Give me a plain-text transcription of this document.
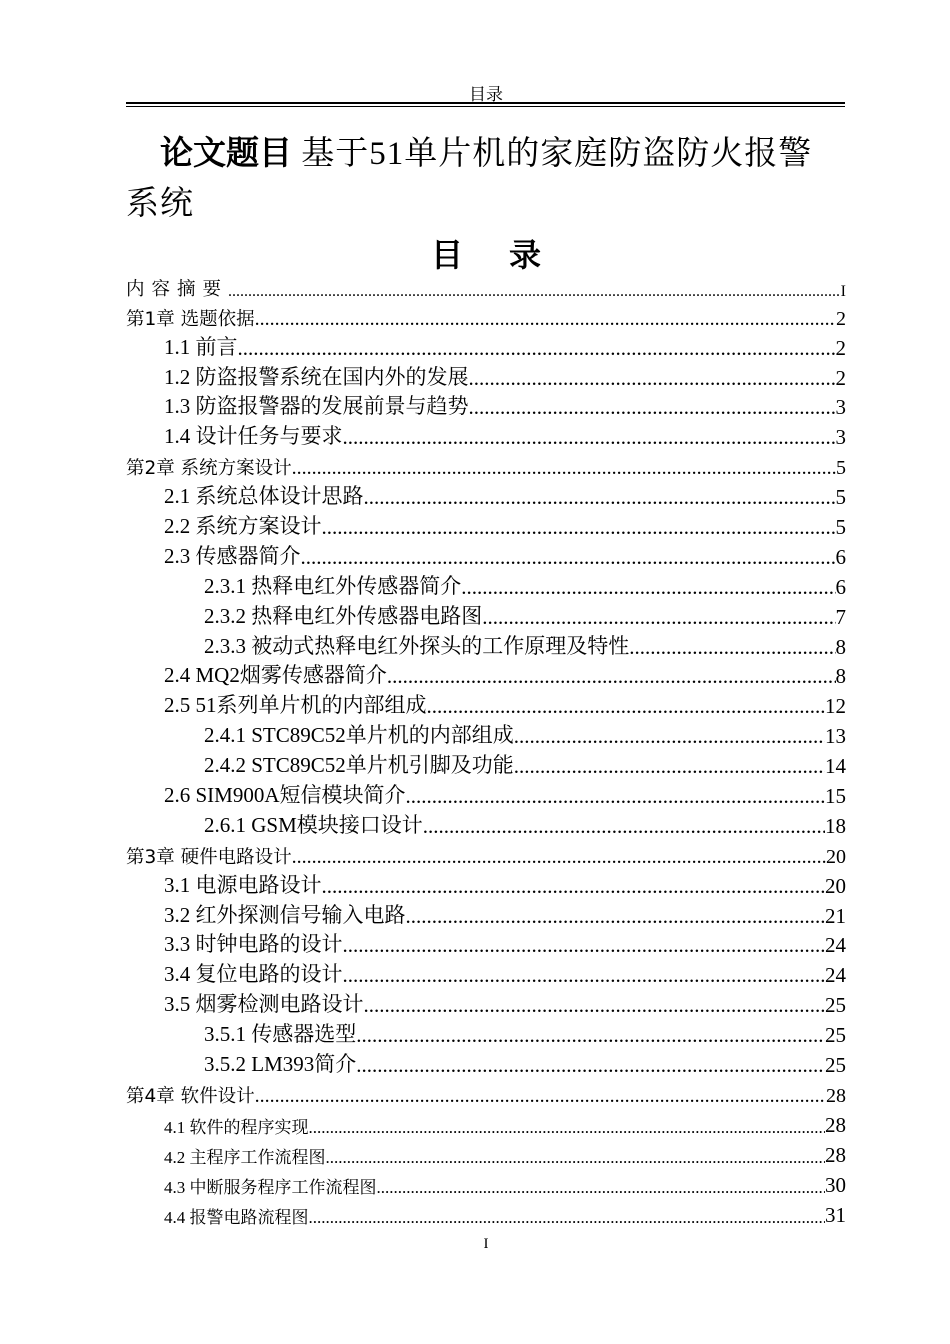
目录
论文题目 基于51单片机的家庭防盗防火报警系统
目录
内容摘要 .....	I
第1章 选题依据 .....	2
1.1 前言 .....	2
1.2 防盗报警系统在国内外的发展 .....	2
1.3 防盗报警器的发展前景与趋势 .....	3
1.4 设计任务与要求 .....	3
第2章 系统方案设计 .....	5
2.1 系统总体设计思路 .....	5
2.2 系统方案设计 .....	5
2.3 传感器简介 .....	6
2.3.1 热释电红外传感器简介 .....	6
2.3.2 热释电红外传感器电路图 .....	7
2.3.3 被动式热释电红外探头的工作原理及特性 .....	8
2.4 MQ2烟雾传感器简介 .....	8
2.5 51系列单片机的内部组成 .....	12
2.4.1 STC89C52单片机的内部组成 .....	13
2.4.2 STC89C52单片机引脚及功能 .....	14
2.6 SIM900A短信模块简介 .....	15
2.6.1 GSM模块接口设计 .....	18
第3章 硬件电路设计 .....	20
3.1 电源电路设计 .....	20
3.2 红外探测信号输入电路 .....	21
3.3 时钟电路的设计 .....	24
3.4 复位电路的设计 .....	24
3.5 烟雾检测电路设计 .....	25
3.5.1 传感器选型 .....	25
3.5.2 LM393简介 .....	25
第4章 软件设计 .....	28
4.1 软件的程序实现 .....	28
4.2 主程序工作流程图 .....	28
4.3 中断服务程序工作流程图 .....	30
4.4 报警电路流程图 .....	31
I
